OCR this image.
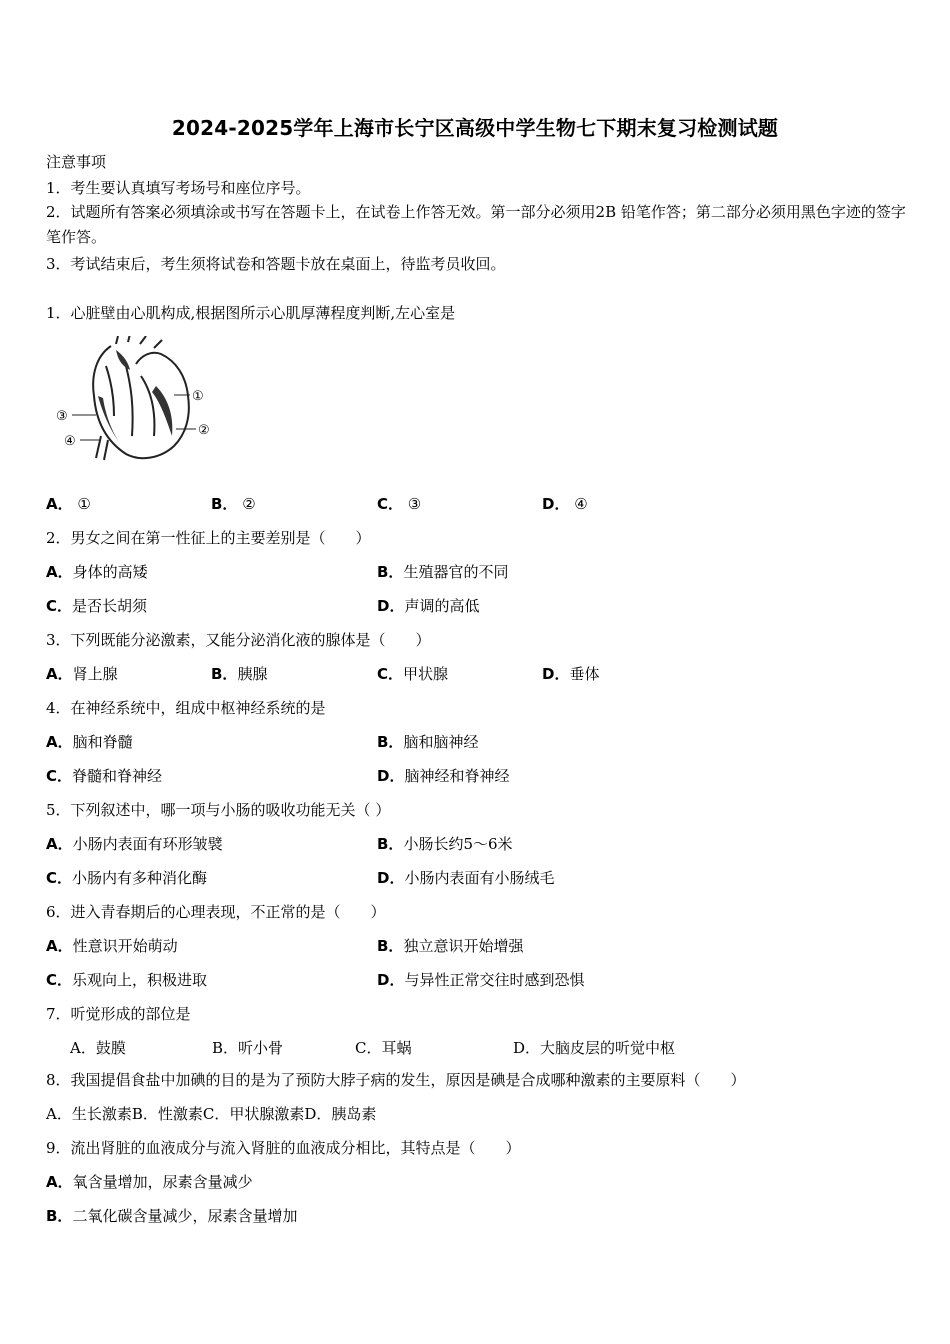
2024-2025学年上海市长宁区高级中学生物七下期末复习检测试题
注意事项
1．考生要认真填写考场号和座位序号。
2．试题所有答案必须填涂或书写在答题卡上，在试卷上作答无效。第一部分必须用2B 铅笔作答；第二部分必须用黑色字迹的签字笔作答。
3．考试结束后，考生须将试卷和答题卡放在桌面上，待监考员收回。
1．心脏壁由心肌构成,根据图所示心肌厚薄程度判断,左心室是
①
②
③
④
A． ①	B． ②	C． ③	D． ④
2．男女之间在第一性征上的主要差别是（　　）
A．身体的高矮	B．生殖器官的不同
C．是否长胡须	D．声调的高低
3．下列既能分泌激素，又能分泌消化液的腺体是（　　）
A．肾上腺	B．胰腺	C．甲状腺	D．垂体
4．在神经系统中，组成中枢神经系统的是
A．脑和脊髓	B．脑和脑神经
C．脊髓和脊神经	D．脑神经和脊神经
5．下列叙述中，哪一项与小肠的吸收功能无关（ ）
A．小肠内表面有环形皱襞	B．小肠长约5～6米
C．小肠内有多种消化酶	D．小肠内表面有小肠绒毛
6．进入青春期后的心理表现，不正常的是（　　）
A．性意识开始萌动	B．独立意识开始增强
C．乐观向上，积极进取	D．与异性正常交往时感到恐惧
7．听觉形成的部位是
A．鼓膜	B．听小骨	C．耳蜗	D．大脑皮层的听觉中枢
8．我国提倡食盐中加碘的目的是为了预防大脖子病的发生，原因是碘是合成哪种激素的主要原料（　　）
A．生长激素B．性激素C．甲状腺激素D．胰岛素
9．流出肾脏的血液成分与流入肾脏的血液成分相比，其特点是（　　）
A．氧含量增加，尿素含量减少
B．二氧化碳含量减少，尿素含量增加
